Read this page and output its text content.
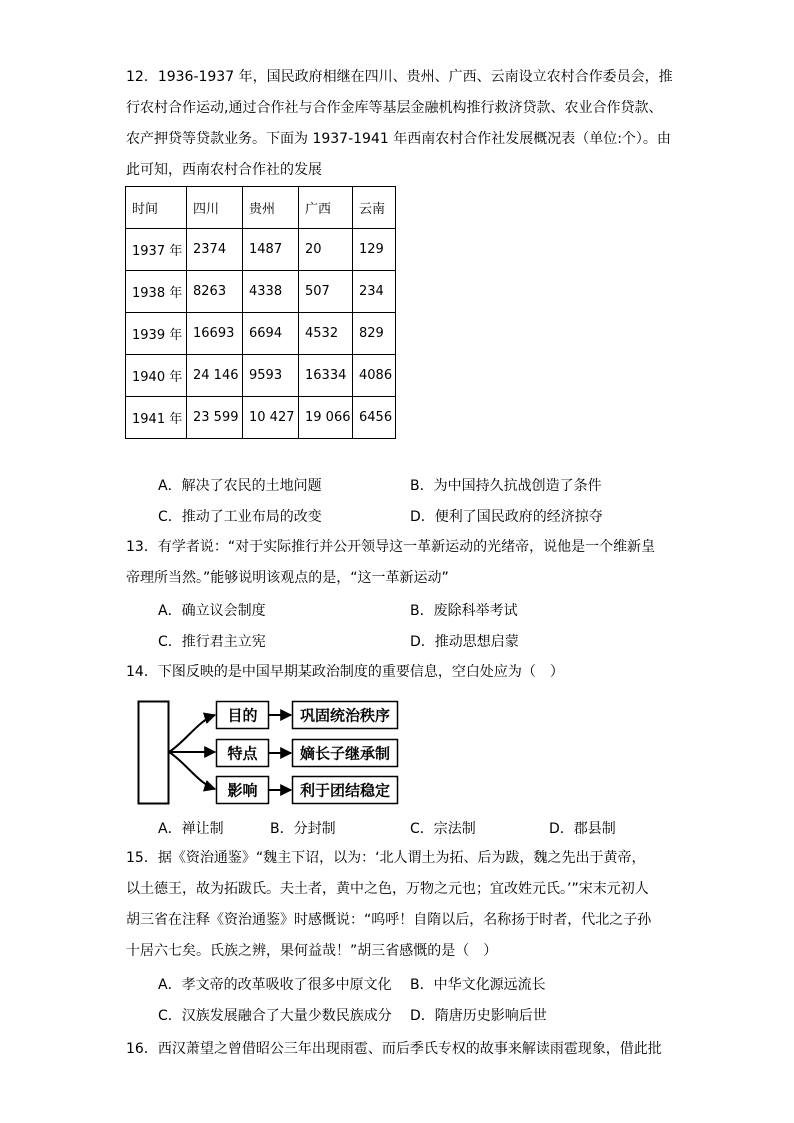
12．1936-1937 年，国民政府相继在四川、贵州、广西、云南设立农村合作委员会，推
行农村合作运动,通过合作社与合作金库等基层金融机构推行救济贷款、农业合作贷款、
农产押贷等贷款业务。下面为 1937-1941 年西南农村合作社发展概况表（单位:个）。由
此可知，西南农村合作社的发展
时间	四川	贵州	广西	云南
1937 年	2374	1487	20	129
1938 年	8263	4338	507	234
1939 年	16693	6694	4532	829
1940 年	24 146	9593	16334	4086
1941 年	23 599	10 427	19 066	6456
A．解决了农民的土地问题	B．为中国持久抗战创造了条件
C．推动了工业布局的改变	D．便利了国民政府的经济掠夺
13．有学者说：“对于实际推行并公开领导这一革新运动的光绪帝，说他是一个维新皇
帝理所当然。”能够说明该观点的是，“这一革新运动”
A．确立议会制度	B．废除科举考试
C．推行君主立宪	D．推动思想启蒙
14．下图反映的是中国早期某政治制度的重要信息，空白处应为（　）
目的
特点
影响
巩固统治秩序
嫡长子继承制
利于团结稳定
A．禅让制	B．分封制	C．宗法制	D．郡县制
15．据《资治通鉴》“魏主下诏，以为：‘北人谓土为拓、后为跋，魏之先出于黄帝，
以土德王，故为拓跋氏。夫土者，黄中之色，万物之元也；宜改姓元氏。’”宋末元初人
胡三省在注释《资治通鉴》时感慨说：“呜呼！自隋以后，名称扬于时者，代北之子孙
十居六七矣。氏族之辨，果何益哉！”胡三省感慨的是（　）
A．孝文帝的改革吸收了很多中原文化 B．中华文化源远流长
C．汉族发展融合了大量少数民族成分 D．隋唐历史影响后世
16．西汉萧望之曾借昭公三年出现雨雹、而后季氏专权的故事来解读雨雹现象，借此批
